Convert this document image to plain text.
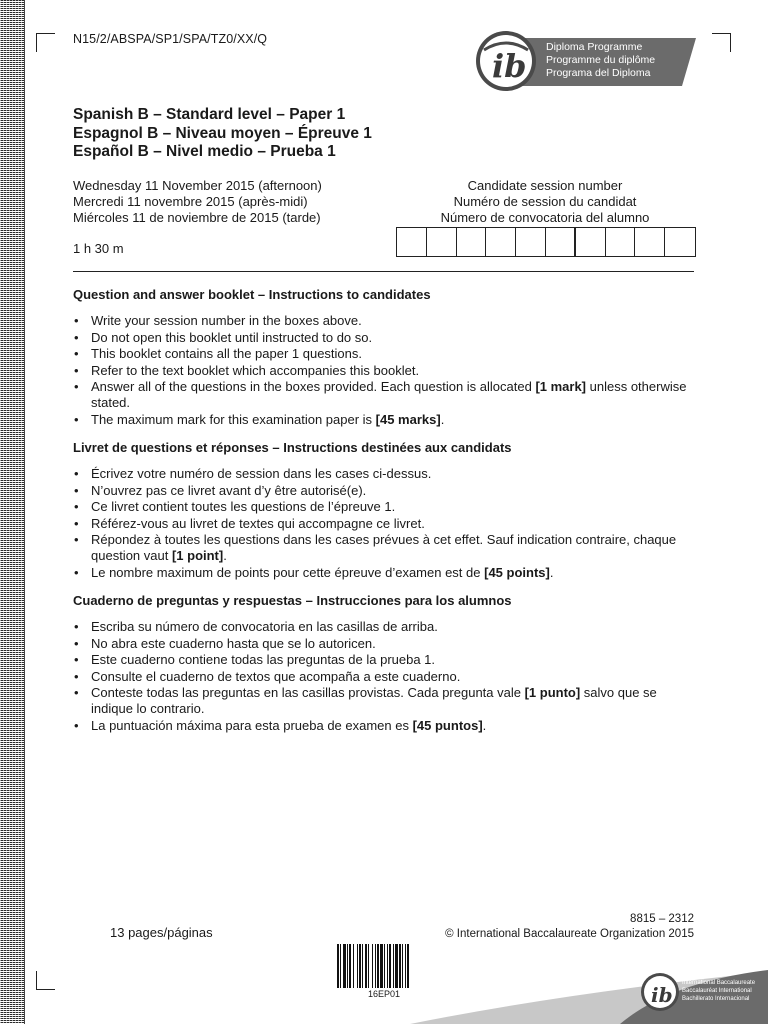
N15/2/ABSPA/SP1/SPA/TZ0/XX/Q
ib Diploma Programme
Programme du diplôme
Programa del Diploma
Spanish B – Standard level – Paper 1
Espagnol B – Niveau moyen – Épreuve 1
Español B – Nivel medio – Prueba 1
Wednesday 11 November 2015 (afternoon)
Mercredi 11 novembre 2015 (après-midi)
Miércoles 11 de noviembre de 2015 (tarde)
1 h 30 m
Candidate session number
Numéro de session du candidat
Número de convocatoria del alumno
Question and answer booklet – Instructions to candidates
• Write your session number in the boxes above.
• Do not open this booklet until instructed to do so.
• This booklet contains all the paper 1 questions.
• Refer to the text booklet which accompanies this booklet.
• Answer all of the questions in the boxes provided. Each question is allocated [1 mark] unless otherwise stated.
• The maximum mark for this examination paper is [45 marks].
Livret de questions et réponses – Instructions destinées aux candidats
• Écrivez votre numéro de session dans les cases ci-dessus.
• N’ouvrez pas ce livret avant d’y être autorisé(e).
• Ce livret contient toutes les questions de l’épreuve 1.
• Référez-vous au livret de textes qui accompagne ce livret.
• Répondez à toutes les questions dans les cases prévues à cet effet. Sauf indication contraire, chaque question vaut [1 point].
• Le nombre maximum de points pour cette épreuve d’examen est de [45 points].
Cuaderno de preguntas y respuestas – Instrucciones para los alumnos
• Escriba su número de convocatoria en las casillas de arriba.
• No abra este cuaderno hasta que se lo autoricen.
• Este cuaderno contiene todas las preguntas de la prueba 1.
• Consulte el cuaderno de textos que acompaña a este cuaderno.
• Conteste todas las preguntas en las casillas provistas. Cada pregunta vale [1 punto] salvo que se indique lo contrario.
• La puntuación máxima para esta prueba de examen es [45 puntos].
13 pages/páginas
8815 – 2312
© International Baccalaureate Organization 2015
16EP01	ib International Baccalaureate
Baccalauréat International
Bachillerato Internacional
